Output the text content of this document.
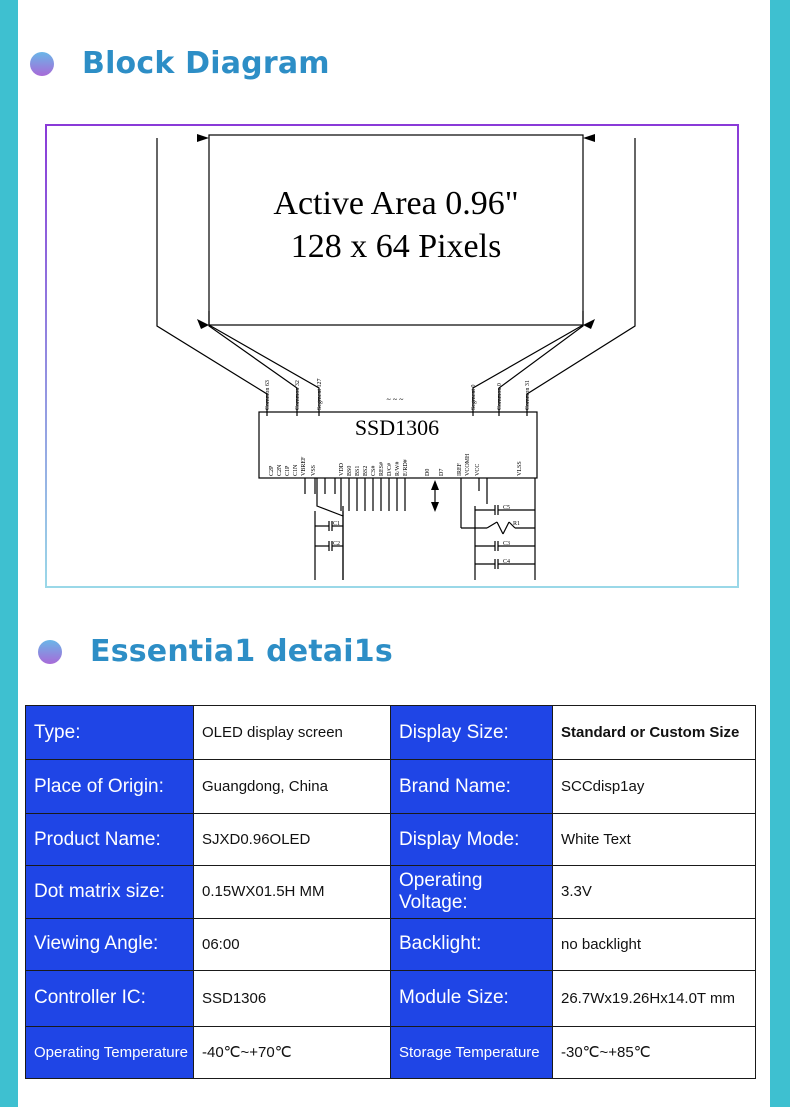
Block Diagram
Active Area 0.96"
128 x 64 Pixels
SSD1306
~ ~ ~
Common 63	Common 32	Segment 127	Segment 0	Common 0	Common 31
C2P C2N C1P C1N VBREF VSS	VDD BS0 BS1 BS2 CS# RES# D/C# R/W# E/RD#	D0 D7 IREF VCOMH VCC	VLSS
C5
R1
C3
C4
C1
C2
Essentia1 detai1s
Type:	OLED display screen	Display Size:	Standard or Custom Size
Place of Origin:	Guangdong, China	Brand Name:	SCCdisp1ay
Product Name:	SJXD0.96OLED	Display Mode:	White Text
Dot matrix size:	0.15WX01.5H MM	Operating Voltage:	3.3V
Viewing Angle:	06:00	Backlight:	no backlight
Controller IC:	SSD1306	Module Size:	26.7Wx19.26Hx14.0T mm
Operating Temperature	-40℃~+70℃	Storage Temperature	-30℃~+85℃
